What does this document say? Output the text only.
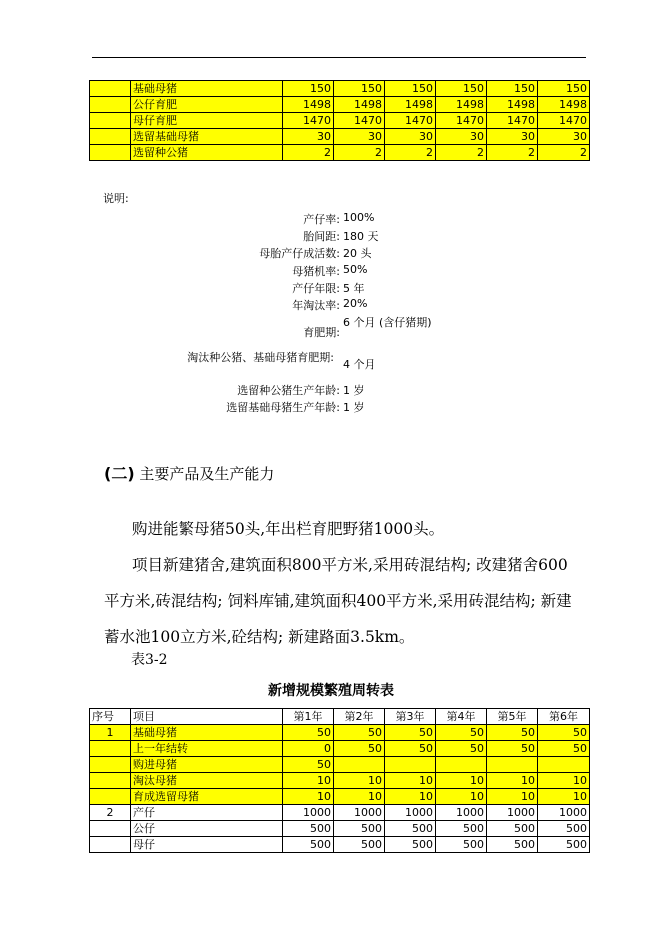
	基础母猪	150	150	150	150	150	150
	公仔育肥	1498	1498	1498	1498	1498	1498
	母仔育肥	1470	1470	1470	1470	1470	1470
	选留基础母猪	30	30	30	30	30	30
	选留种公猪	2	2	2	2	2	2
说明:
产仔率: 100%
胎间距: 180 天
母胎产仔成活数: 20 头
母猪机率: 50%
产仔年限: 5 年
年淘汰率: 20%
育肥期:
6 个月 (含仔猪期)
淘汰种公猪、基础母猪育肥期:
4 个月
选留种公猪生产年龄: 1 岁
选留基础母猪生产年龄: 1 岁
(二) 主要产品及生产能力

购进能繁母猪50头,年出栏育肥野猪1000头。

项目新建猪舍,建筑面积800平方米,采用砖混结构; 改建猪舍600平方米,砖混结构; 饲料库铺,建筑面积400平方米,采用砖混结构; 新建蓄水池100立方米,砼结构; 新建路面3.5km。

表3-2
新增规模繁殖周转表
序号	项目	第1年	第2年	第3年	第4年	第5年	第6年
1	基础母猪	50	50	50	50	50	50
	上一年结转	0	50	50	50	50	50
	购进母猪	50					
	淘汰母猪	10	10	10	10	10	10
	育成选留母猪	10	10	10	10	10	10
2	产仔	1000	1000	1000	1000	1000	1000
	公仔	500	500	500	500	500	500
	母仔	500	500	500	500	500	500
